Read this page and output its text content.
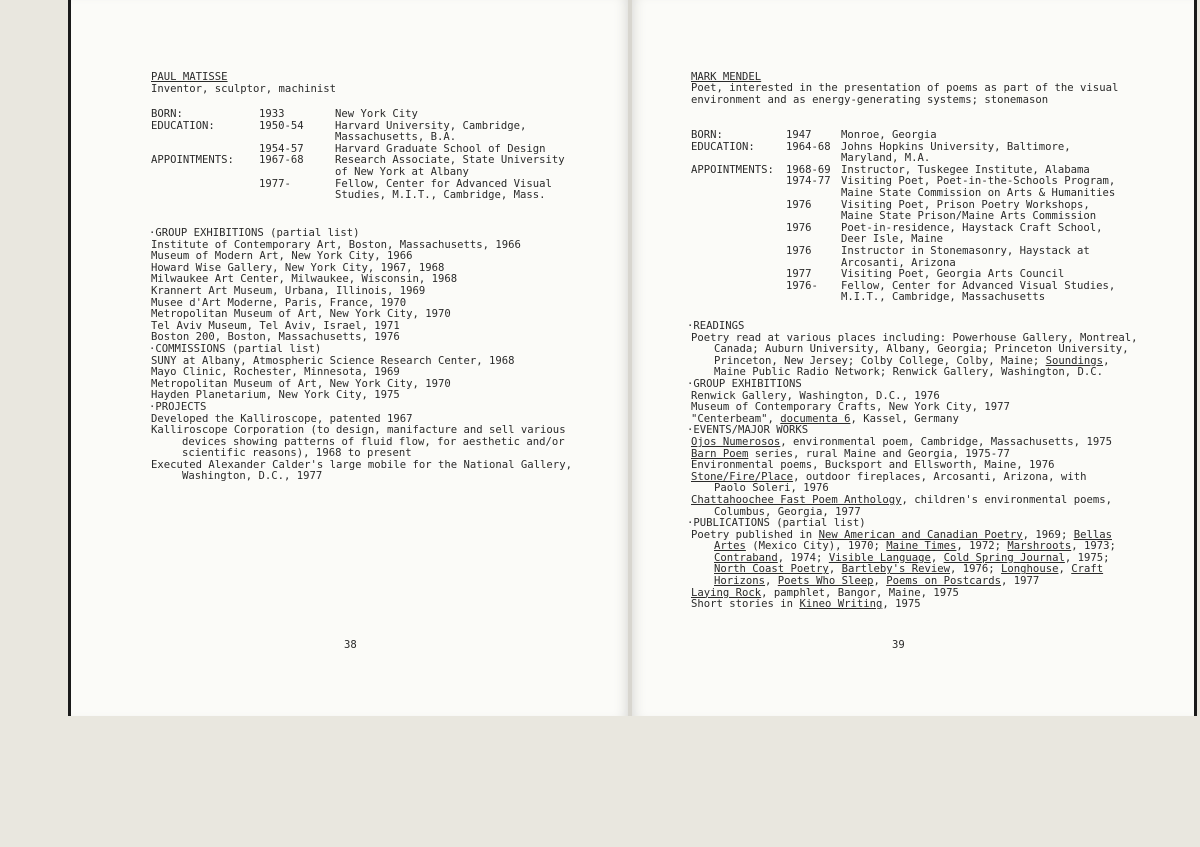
PAUL MATISSE
Inventor, sculptor, machinist
BORN:	1933	New York City
EDUCATION:	1950-54	Harvard University, Cambridge,
Massachusetts, B.A.
1954-57	Harvard Graduate School of Design
APPOINTMENTS: 1967-68	Research Associate, State University
of New York at Albany
1977-	Fellow, Center for Advanced Visual
Studies, M.I.T., Cambridge, Mass.
·GROUP EXHIBITIONS (partial list)
Institute of Contemporary Art, Boston, Massachusetts, 1966
Museum of Modern Art, New York City, 1966
Howard Wise Gallery, New York City, 1967, 1968
Milwaukee Art Center, Milwaukee, Wisconsin, 1968
Krannert Art Museum, Urbana, Illinois, 1969
Musee d'Art Moderne, Paris, France, 1970
Metropolitan Museum of Art, New York City, 1970
Tel Aviv Museum, Tel Aviv, Israel, 1971
Boston 200, Boston, Massachusetts, 1976
·COMMISSIONS (partial list)
SUNY at Albany, Atmospheric Science Research Center, 1968
Mayo Clinic, Rochester, Minnesota, 1969
Metropolitan Museum of Art, New York City, 1970
Hayden Planetarium, New York City, 1975
·PROJECTS
Developed the Kalliroscope, patented 1967
Kalliroscope Corporation (to design, manifacture and sell various
devices showing patterns of fluid flow, for aesthetic and/or
scientific reasons), 1968 to present
Executed Alexander Calder's large mobile for the National Gallery,
Washington, D.C., 1977
38
MARK MENDEL
Poet, interested in the presentation of poems as part of the visual
environment and as energy-generating systems; stonemason
BORN:	1947	Monroe, Georgia
EDUCATION:	1964-68 Johns Hopkins University, Baltimore,
Maryland, M.A.
APPOINTMENTS: 1968-69 Instructor, Tuskegee Institute, Alabama
1974-77 Visiting Poet, Poet-in-the-Schools Program,
Maine State Commission on Arts & Humanities
1976	Visiting Poet, Prison Poetry Workshops,
Maine State Prison/Maine Arts Commission
1976	Poet-in-residence, Haystack Craft School,
Deer Isle, Maine
1976	Instructor in Stonemasonry, Haystack at
Arcosanti, Arizona
1977	Visiting Poet, Georgia Arts Council
1976- Fellow, Center for Advanced Visual Studies,
M.I.T., Cambridge, Massachusetts
·READINGS
Poetry read at various places including: Powerhouse Gallery, Montreal,
Canada; Auburn University, Albany, Georgia; Princeton University,
Princeton, New Jersey; Colby College, Colby, Maine; Soundings,
Maine Public Radio Network; Renwick Gallery, Washington, D.C.
·GROUP EXHIBITIONS
Renwick Gallery, Washington, D.C., 1976
Museum of Contemporary Crafts, New York City, 1977
"Centerbeam", documenta 6, Kassel, Germany
·EVENTS/MAJOR WORKS
Ojos Numerosos, environmental poem, Cambridge, Massachusetts, 1975
Barn Poem series, rural Maine and Georgia, 1975-77
Environmental poems, Bucksport and Ellsworth, Maine, 1976
Stone/Fire/Place, outdoor fireplaces, Arcosanti, Arizona, with
Paolo Soleri, 1976
Chattahoochee Fast Poem Anthology, children's environmental poems,
Columbus, Georgia, 1977
·PUBLICATIONS (partial list)
Poetry published in New American and Canadian Poetry, 1969; Bellas
Artes (Mexico City), 1970; Maine Times, 1972; Marshroots, 1973;
Contraband, 1974; Visible Language, Cold Spring Journal, 1975;
North Coast Poetry, Bartleby's Review, 1976; Longhouse, Craft
Horizons, Poets Who Sleep, Poems on Postcards, 1977
Laying Rock, pamphlet, Bangor, Maine, 1975
Short stories in Kineo Writing, 1975
39
